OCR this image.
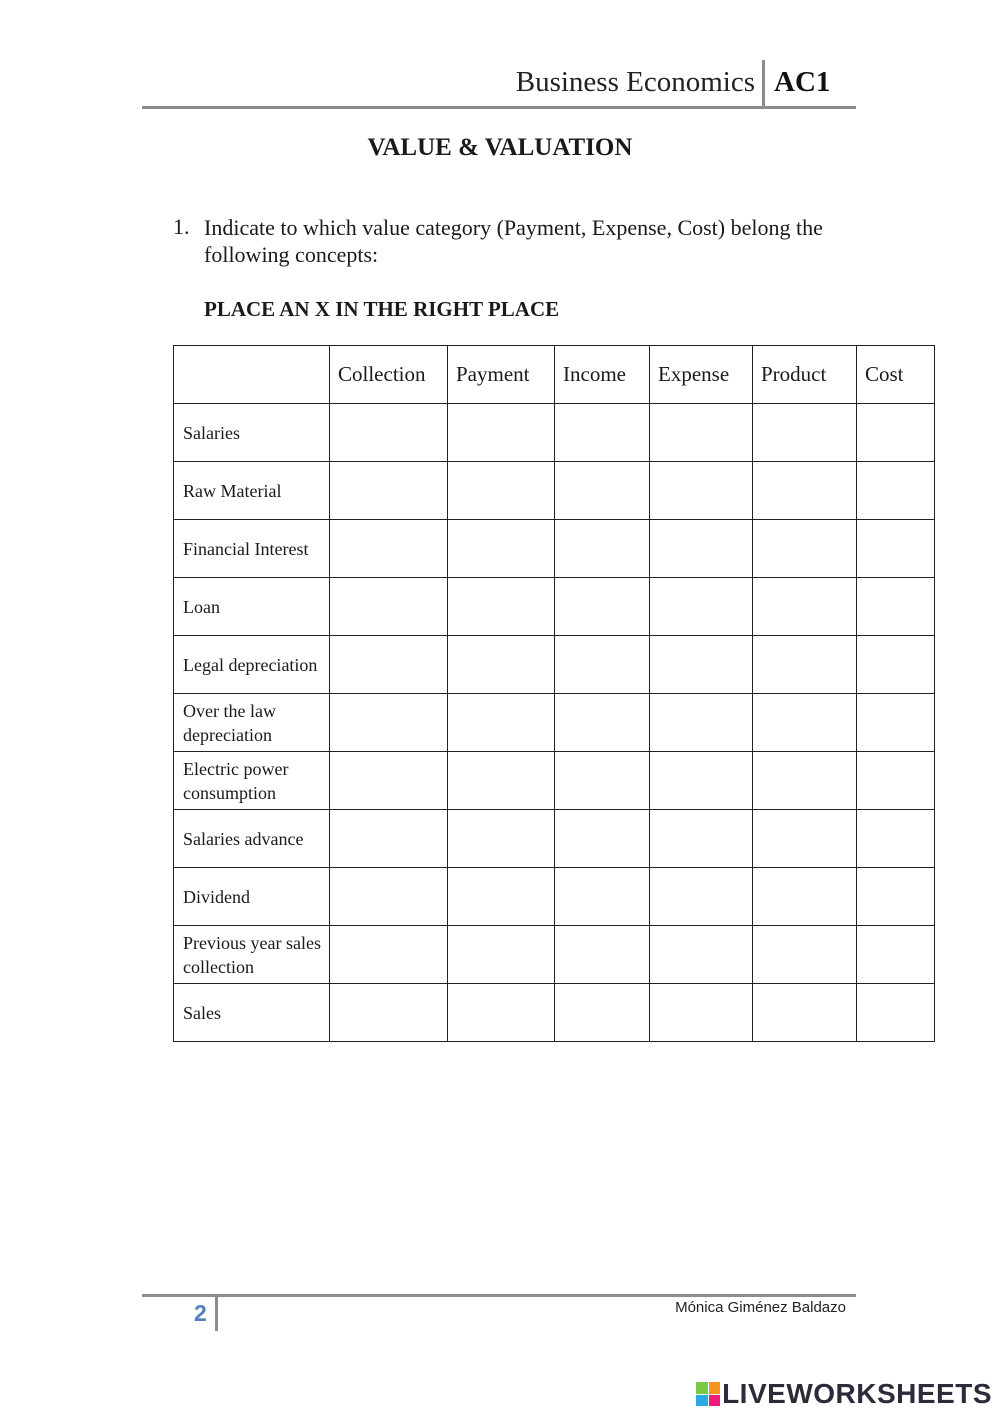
Business Economics AC1
VALUE & VALUATION
1. Indicate to which value category (Payment, Expense, Cost) belong the following concepts:
PLACE AN X IN THE RIGHT PLACE
	Collection	Payment	Income	Expense	Product	Cost
Salaries						
Raw Material						
Financial Interest						
Loan						
Legal depreciation						
Over the law depreciation						
Electric power consumption						
Salaries advance						
Dividend						
Previous year sales collection						
Sales						
2	Mónica Giménez Baldazo
LIVEWORKSHEETS
